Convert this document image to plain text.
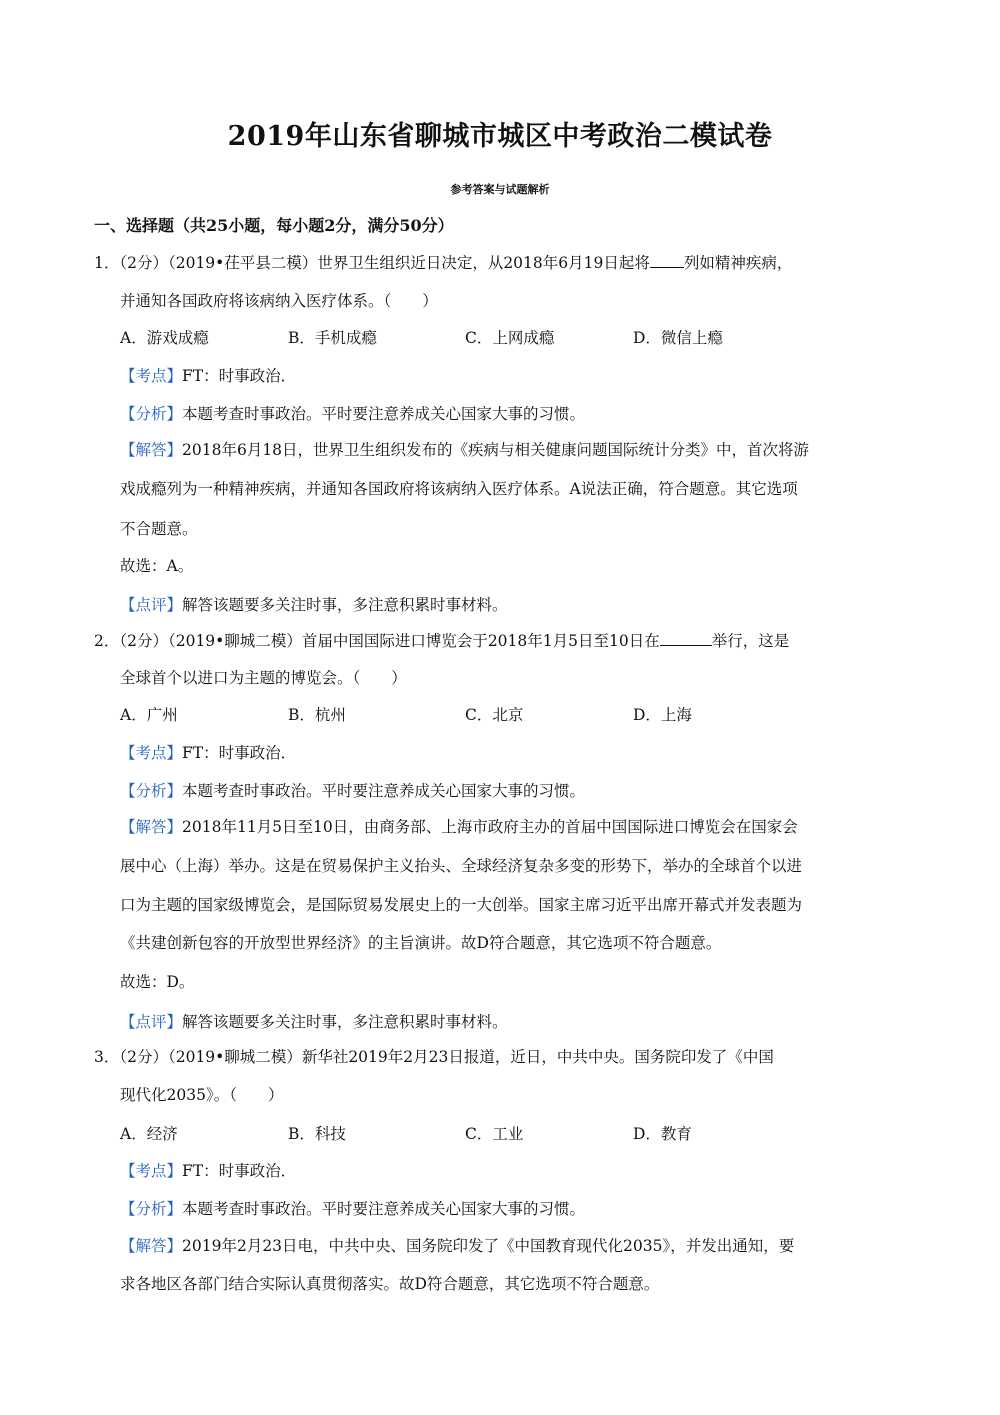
2019年山东省聊城市城区中考政治二模试卷
参考答案与试题解析
一、选择题（共25小题，每小题2分，满分50分）
1．（2分）（2019•茌平县二模）世界卫生组织近日决定，从2018年6月19日起将 列如精神疾病，
并通知各国政府将该病纳入医疗体系。（　　）
A．游戏成瘾	B．手机成瘾	C．上网成瘾	D．微信上瘾
【考点】FT：时事政治．
【分析】本题考查时事政治。平时要注意养成关心国家大事的习惯。
【解答】2018年6月18日，世界卫生组织发布的《疾病与相关健康问题国际统计分类》中，首次将游
戏成瘾列为一种精神疾病，并通知各国政府将该病纳入医疗体系。A说法正确，符合题意。其它选项
不合题意。
故选：A。
【点评】解答该题要多关注时事，多注意积累时事材料。
2．（2分）（2019•聊城二模）首届中国国际进口博览会于2018年1月5日至10日在	举行，这是
全球首个以进口为主题的博览会。（　　）
A．广州	B．杭州	C．北京	D．上海
【考点】FT：时事政治．
【分析】本题考查时事政治。平时要注意养成关心国家大事的习惯。
【解答】2018年11月5日至10日，由商务部、上海市政府主办的首届中国国际进口博览会在国家会
展中心（上海）举办。这是在贸易保护主义抬头、全球经济复杂多变的形势下，举办的全球首个以进
口为主题的国家级博览会，是国际贸易发展史上的一大创举。国家主席习近平出席开幕式并发表题为
《共建创新包容的开放型世界经济》的主旨演讲。故D符合题意，其它选项不符合题意。
故选：D。
【点评】解答该题要多关注时事，多注意积累时事材料。
3．（2分）（2019•聊城二模）新华社2019年2月23日报道，近日，中共中央。国务院印发了《中国
现代化2035》。（　　）
A．经济	B．科技	C．工业	D．教育
【考点】FT：时事政治．
【分析】本题考查时事政治。平时要注意养成关心国家大事的习惯。
【解答】2019年2月23日电，中共中央、国务院印发了《中国教育现代化2035》，并发出通知，要
求各地区各部门结合实际认真贯彻落实。故D符合题意，其它选项不符合题意。
